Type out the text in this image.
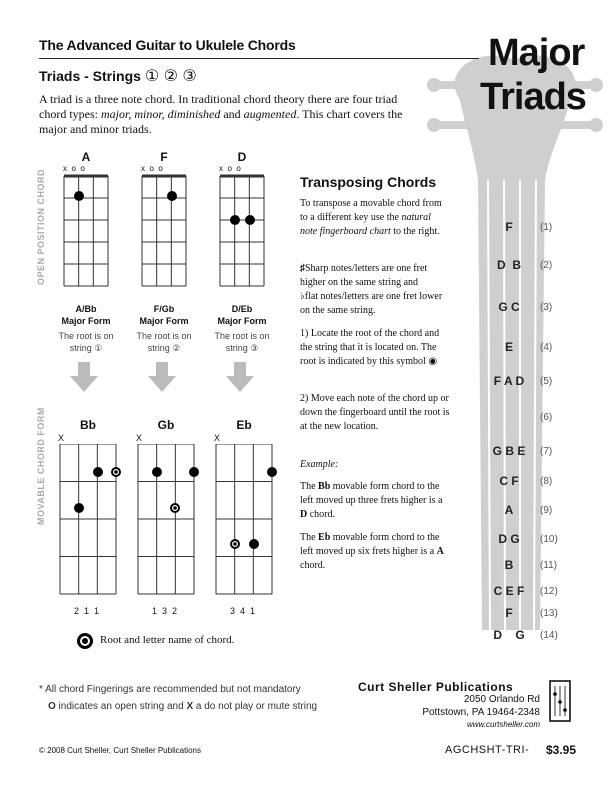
The Advanced Guitar to Ukulele Chords
Triads - Strings ① ② ③
Major
Triads
A triad is a three note chord. In traditional chord theory there are four triad chord types: major, minor, diminished and augmented. This chart covers the major and minor triads.
OPEN POSITION CHORD
MOVABLE CHORD FORM
A	F	D
x  o  o	x  o  o	x  o  o
A/Bb
Major Form
F/Gb
Major Form
D/Eb
Major Form
The root is on
string ①
The root is on
string ②
The root is on
string ③
Bb	Gb	Eb
X	X	X
2  1  1	1  3  2	3  4  1
Root and letter name of chord.
Transposing Chords
To transpose a movable chord from to a different key use the natural note fingerboard chart to the right.
♯Sharp notes/letters are one fret higher on the same string and
♭flat notes/letters are one fret lower on the same string.
1) Locate the root of the chord and the string that it is located on. The root is indicated by this symbol ◉
2) Move each note of the chord up or down the fingerboard until the root is at the new location.
Example:
The Bb movable form chord to the left moved up three frets higher is a D chord.
The Eb movable form chord to the left moved up six frets higher is a A chord.
F	(1)
D  B	(2)
G C	(3)
E	(4)
F A D	(5)
(6)
G B E	(7)
C F	(8)
A	(9)
D G	(10)
B	(11)
C E F	(12)
F	(13)
D    G	(14)
* All chord Fingerings are recommended but not mandatory
O indicates an open string and X a do not play or mute string
Curt Sheller Publications
2050 Orlando Rd
Pottstown, PA 19464-2348
www.curtsheller.com
© 2008 Curt Sheller, Curt Sheller Publications	AGCHSHT-TRI- $3.95
